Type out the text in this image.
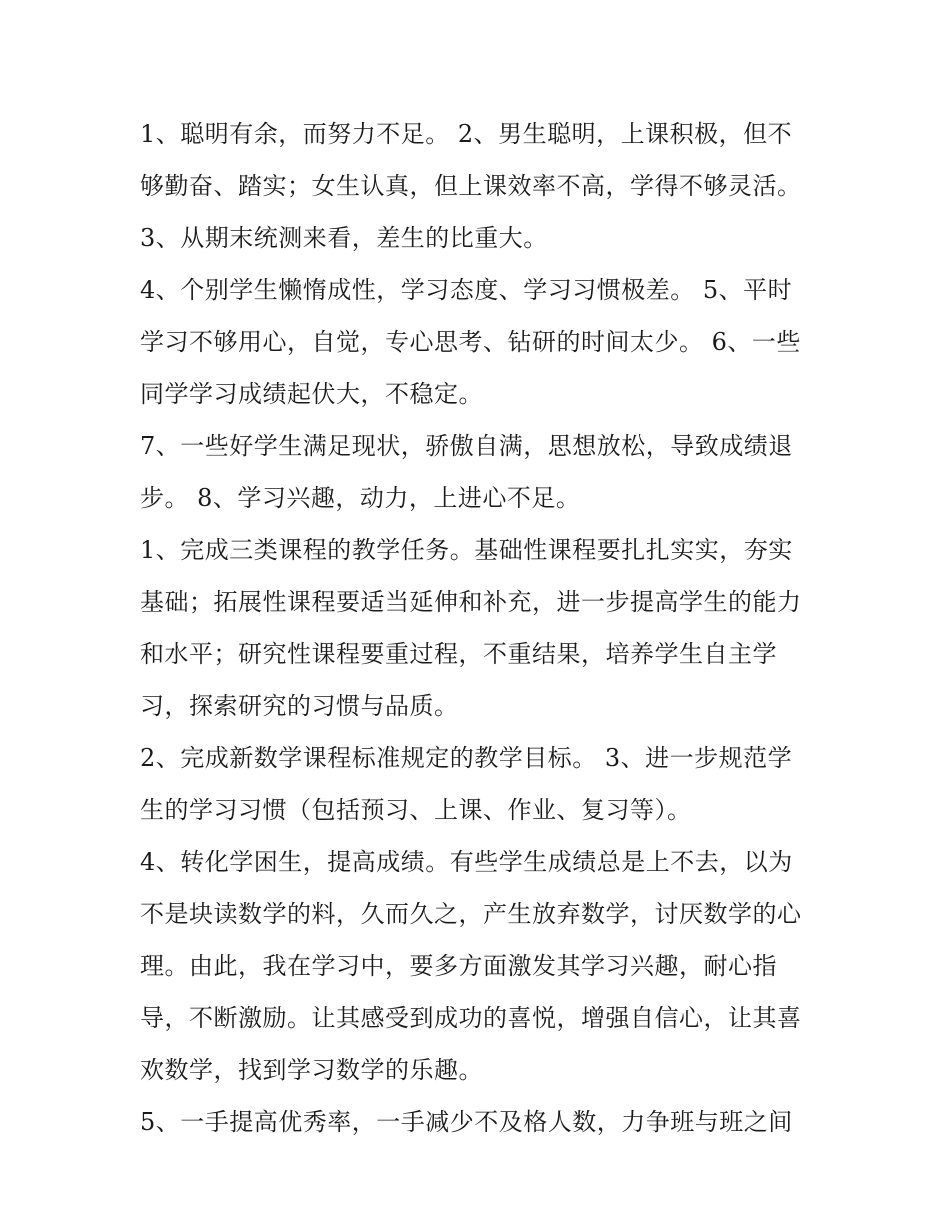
1、聪明有余，而努力不足。 2、男生聪明，上课积极，但不
够勤奋、踏实；女生认真，但上课效率不高，学得不够灵活。
3、从期末统测来看，差生的比重大。
4、个别学生懒惰成性，学习态度、学习习惯极差。 5、平时
学习不够用心，自觉，专心思考、钻研的时间太少。 6、一些
同学学习成绩起伏大，不稳定。
7、一些好学生满足现状，骄傲自满，思想放松，导致成绩退
步。 8、学习兴趣，动力，上进心不足。
1、完成三类课程的教学任务。基础性课程要扎扎实实，夯实
基础；拓展性课程要适当延伸和补充，进一步提高学生的能力
和水平；研究性课程要重过程，不重结果，培养学生自主学
习，探索研究的习惯与品质。
2、完成新数学课程标准规定的教学目标。 3、进一步规范学
生的学习习惯（包括预习、上课、作业、复习等）。
4、转化学困生，提高成绩。有些学生成绩总是上不去，以为
不是块读数学的料，久而久之，产生放弃数学，讨厌数学的心
理。由此，我在学习中，要多方面激发其学习兴趣，耐心指
导，不断激励。让其感受到成功的喜悦，增强自信心，让其喜
欢数学，找到学习数学的乐趣。
5、一手提高优秀率，一手减少不及格人数，力争班与班之间
